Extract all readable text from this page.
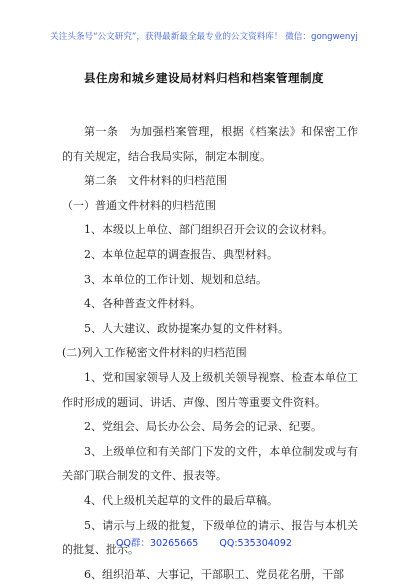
关注头条号“公文研究”，获得最新最全最专业的公文资料库！ 微信：gongwenyj
县住房和城乡建设局材料归档和档案管理制度

第一条　为加强档案管理，根据《档案法》和保密工作的有关规定，结合我局实际，制定本制度。

第二条　文件材料的归档范围

（一）普通文件材料的归档范围

1、本级以上单位、部门组织召开会议的会议材料。

2、本单位起草的调查报告、典型材料。

3、本单位的工作计划、规划和总结。

4、各种普查文件材料。

5、人大建议、政协提案办复的文件材料。

(二)列入工作秘密文件材料的归档范围

1、党和国家领导人及上级机关领导视察、检查本单位工作时形成的题词、讲话、声像、图片等重要文件资料。

2、党组会、局长办公会、局务会的记录、纪要。

3、上级单位和有关部门下发的文件，本单位制发或与有关部门联合制发的文件、报表等。

4、代上级机关起草的文件的最后草稿。

5、请示与上级的批复，下级单位的请示、报告与本机关的批复、批示。

6、组织沿革、大事记，干部职工、党员花名册，干部

QQ群：30265665 QQ:535304092
